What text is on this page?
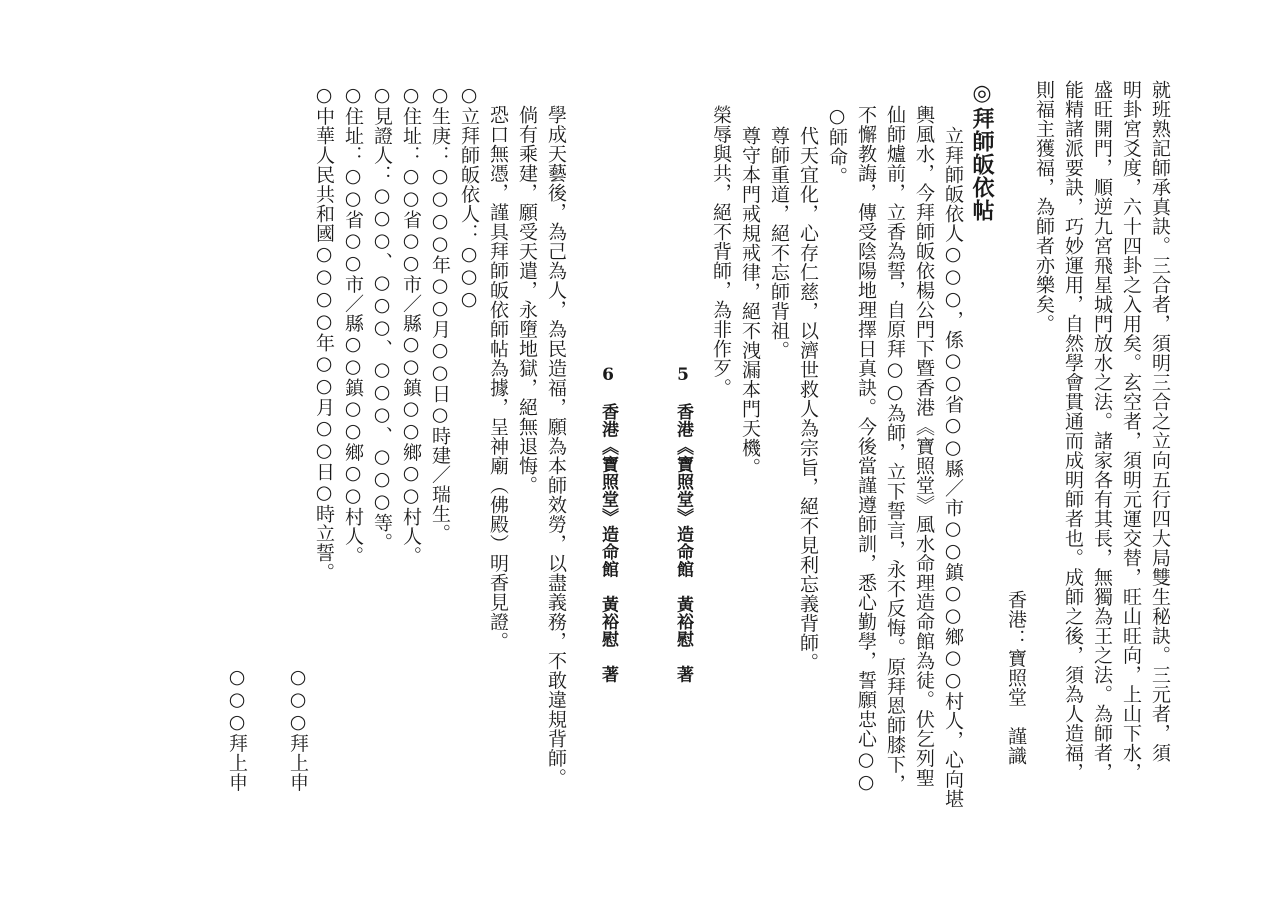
就班熟記師承真訣。三合者，須明三合之立向五行四大局雙生秘訣。三元者，須

明卦宮爻度，六十四卦之入用矣。玄空者，須明元運交替，旺山旺向，上山下水，

盛旺開門，順逆九宮飛星城門放水之法。諸家各有其長，無獨為王之法。為師者，

能精諸派要訣，巧妙運用，自然學會貫通而成明師者也。成師之後，須為人造福，

則福主獲福，為師者亦樂矣。

香港：寶照堂　謹識

◎拜師皈依帖

立拜師皈依人○○○，係○○省○○縣／市○○鎮○○鄉○○村人，心向堪

輿風水，今拜師皈依楊公門下暨香港《寶照堂》風水命理造命館為徒。伏乞列聖

仙師爐前，立香為誓，自原拜○○為師，立下誓言，永不反悔。原拜恩師膝下，

不懈教誨，傳受陰陽地理擇日真訣。今後當謹遵師訓，悉心勤學，誓願忠心○○

○師命。

代天宜化，心存仁慈，以濟世救人為宗旨，絕不見利忘義背師。

尊師重道，絕不忘師背祖。

尊守本門戒規戒律，絕不洩漏本門天機。

榮辱與共，絕不背師，為非作歹。

5　香港《寶照堂》造命館　黃裕慰　著
6　香港《寶照堂》造命館　黃裕慰　著

學成天藝後，為己為人，為民造福，願為本師效勞，以盡義務，不敢違規背師。

倘有乘建，願受天遣，永墮地獄，絕無退悔。

恐口無憑，謹具拜師皈依師帖為據，呈神廟（佛殿）明香見證。

○立拜師皈依人：○○○

○生庚：○○○○年○○月○○日○時建／瑞生。

○住址：○○省○○市／縣○○鎮○○鄉○○村人。

○見證人：○○○、○○○、○○○、○○○等。

○住址：○○省○○市／縣○○鎮○○鄉○○村人。

○中華人民共和國○○○○年○○月○○日○時立誓。

○○○拜上申

○○○拜上申
